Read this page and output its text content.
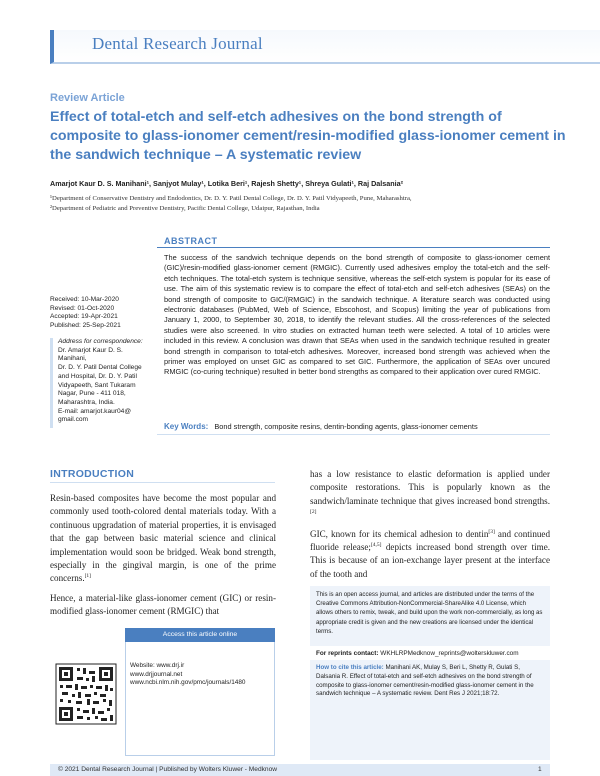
Dental Research Journal
Review Article
Effect of total-etch and self-etch adhesives on the bond strength of composite to glass-ionomer cement/resin-modified glass-ionomer cement in the sandwich technique – A systematic review
Amarjot Kaur D. S. Manihani¹, Sanjyot Mulay¹, Lotika Beri¹, Rajesh Shetty¹, Shreya Gulati¹, Raj Dalsania²
¹Department of Conservative Dentistry and Endodontics, Dr. D. Y. Patil Dental College, Dr. D. Y. Patil Vidyapeeth, Pune, Maharashtra,
²Department of Pediatric and Preventive Dentistry, Pacific Dental College, Udaipur, Rajasthan, India
ABSTRACT
The success of the sandwich technique depends on the bond strength of composite to glass-ionomer cement (GIC)/resin-modified glass-ionomer cement (RMGIC). Currently used adhesives employ the total-etch and the self-etch techniques. The total-etch system is technique sensitive, whereas the self-etch system is popular for its ease of use. The aim of this systematic review is to compare the effect of total-etch and self-etch adhesives (SEAs) on the bond strength of composite to GIC/(RMGIC) in the sandwich technique. A literature search was conducted using electronic databases (PubMed, Web of Science, Ebscohost, and Scopus) limiting the year of publications from January 1, 2000, to September 30, 2018, to identify the relevant studies. All the cross-references of the selected studies were also screened. In vitro studies on extracted human teeth were selected. A total of 10 articles were included in this review. A conclusion was drawn that SEAs when used in the sandwich technique resulted in greater bond strength in comparison to total-etch adhesives. Moreover, increased bond strength was achieved when the primer was employed on unset GIC as compared to set GIC. Furthermore, the application of SEAs over uncured RMGIC (co-curing technique) resulted in better bond strengths as compared to their application over cured RMGIC.
Key Words: Bond strength, composite resins, dentin-bonding agents, glass-ionomer cements
Received: 10-Mar-2020
Revised: 01-Oct-2020
Accepted: 19-Apr-2021
Published: 25-Sep-2021
Address for correspondence:
Dr. Amarjot Kaur D. S.
Manihani,
Dr. D. Y. Patil Dental College
and Hospital, Dr. D. Y. Patil
Vidyapeeth, Sant Tukaram
Nagar, Pune - 411 018,
Maharashtra, India.
E-mail: amarjot.kaur04@
gmail.com
INTRODUCTION

Resin-based composites have become the most popular and commonly used tooth-colored dental materials today. With a continuous upgradation of material properties, it is envisaged that the gap between basic material science and clinical implementation would soon be bridged. Weak bond strength, especially in the gingival margin, is one of the prime concerns.[1]

Hence, a material-like glass-ionomer cement (GIC) or resin-modified glass-ionomer cement (RMGIC) that

has a low resistance to elastic deformation is applied under composite restorations. This is popularly known as the sandwich/laminate technique that gives increased bond strengths.[2]

GIC, known for its chemical adhesion to dentin[3] and continued fluoride release;[4,5] depicts increased bond strength over time. This is because of an ion-exchange layer present at the interface of the tooth and

This is an open access journal, and articles are distributed under the terms of the Creative Commons Attribution-NonCommercial-ShareAlike 4.0 License, which allows others to remix, tweak, and build upon the work non-commercially, as long as appropriate credit is given and the new creations are licensed under the identical terms.
For reprints contact: WKHLRPMedknow_reprints@wolterskluwer.com
How to cite this article: Manihani AK, Mulay S, Beri L, Shetty R, Gulati S, Dalsania R. Effect of total-etch and self-etch adhesives on the bond strength of composite to glass-ionomer cement/resin-modified glass-ionomer cement in the sandwich technique – A systematic review. Dent Res J 2021;18:72.
Access this article online
Website: www.drj.ir
www.drjjournal.net
www.ncbi.nlm.nih.gov/pmc/journals/1480
© 2021 Dental Research Journal | Published by Wolters Kluwer - Medknow	1
